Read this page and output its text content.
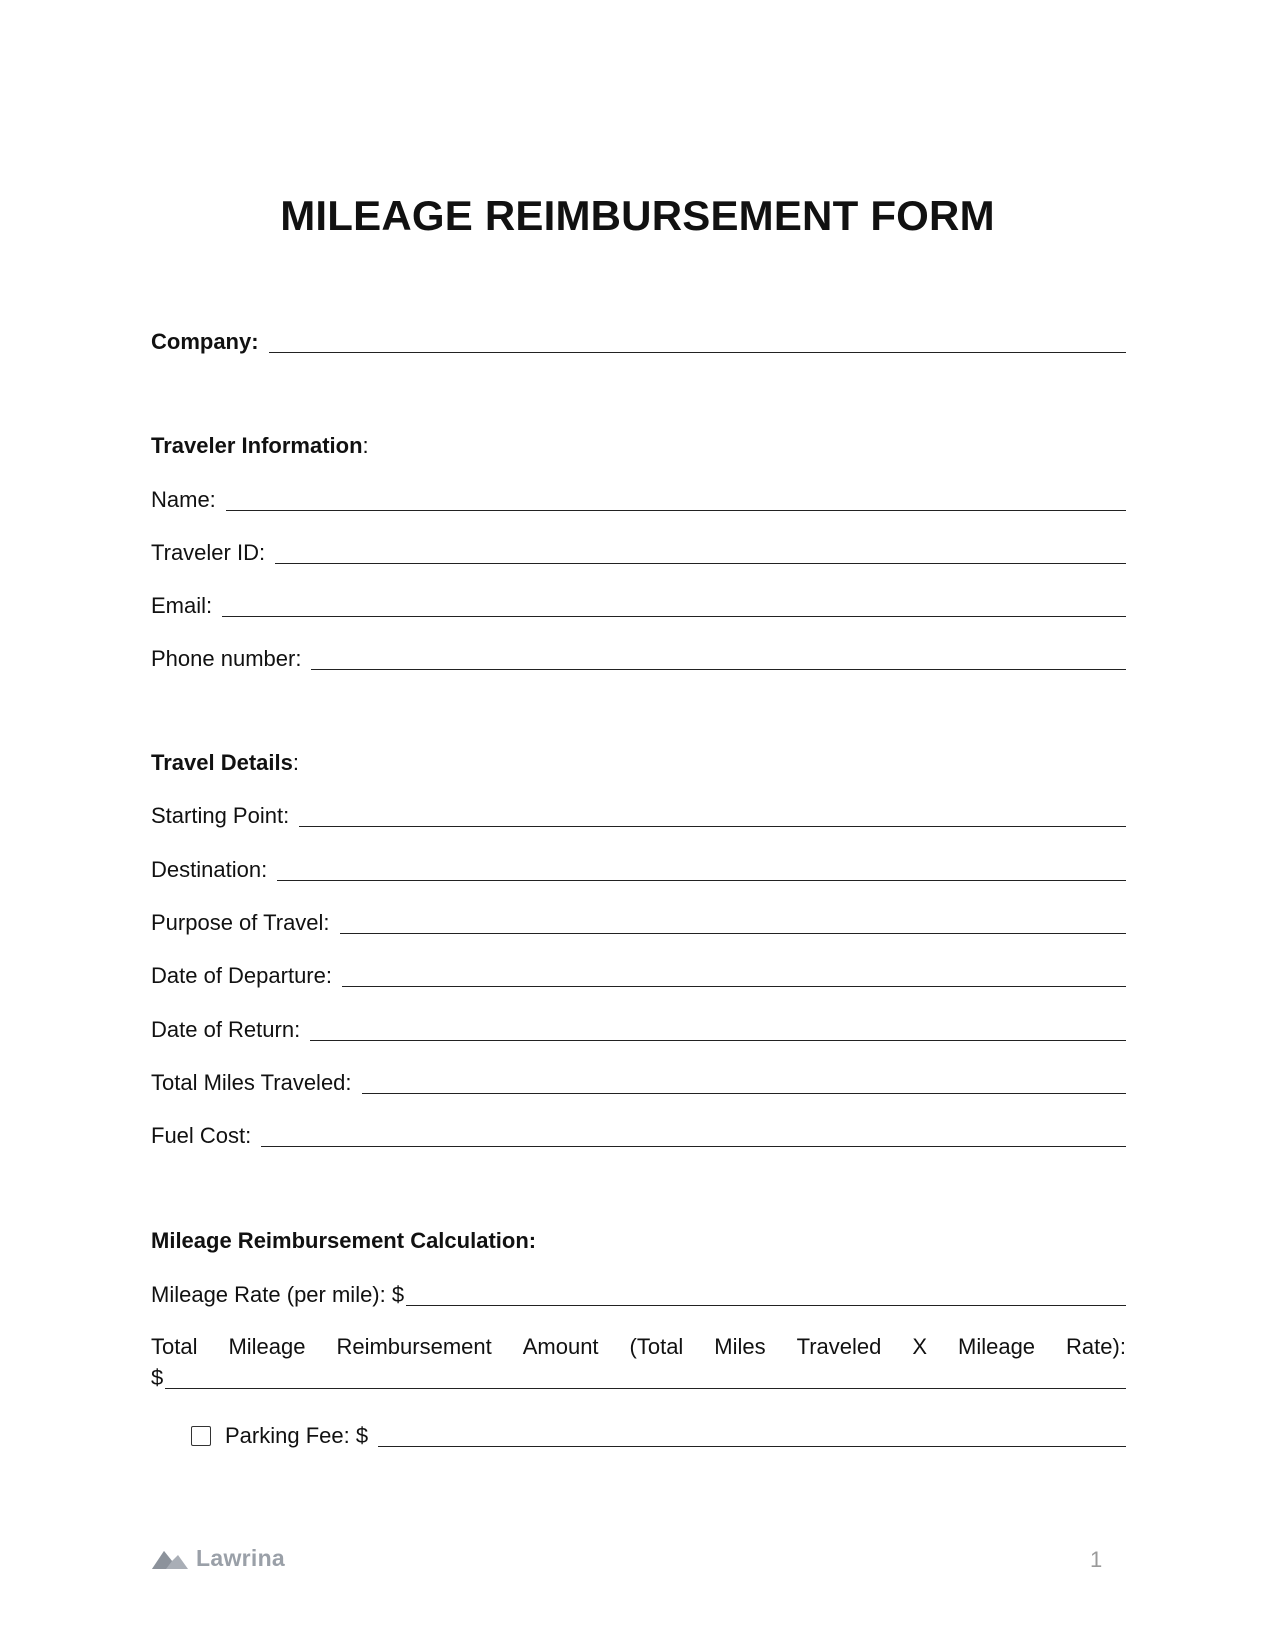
MILEAGE REIMBURSEMENT FORM
Company:
Traveler Information:
Name:
Traveler ID:
Email:
Phone number:
Travel Details:
Starting Point:
Destination:
Purpose of Travel:
Date of Departure:
Date of Return:
Total Miles Traveled:
Fuel Cost:
Mileage Reimbursement Calculation:
Mileage Rate (per mile): $
Total Mileage Reimbursement Amount (Total Miles Traveled X Mileage Rate):
$
Parking Fee: $
Lawrina	1
